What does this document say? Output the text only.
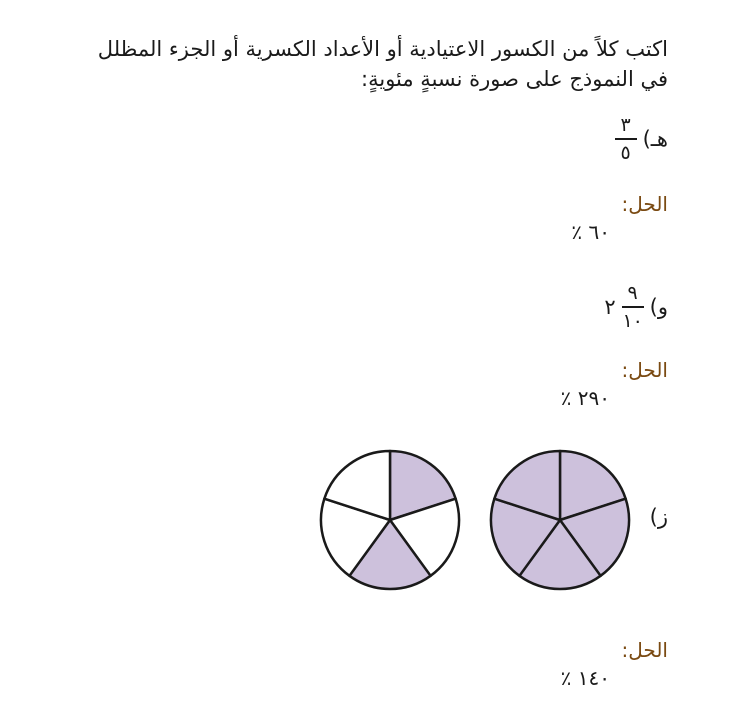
اكتب كلاً من الكسور الاعتيادية أو الأعداد الكسرية أو الجزء المظلل في النموذج على صورة نسبةٍ مئويةٍ:
هـ)
$\frac{٣}{٥}$
الحل:
٦٠ ٪
و)
$\frac{٩}{١٠}$
٢
الحل:
٢٩٠ ٪
ز)
الحل:
١٤٠ ٪
